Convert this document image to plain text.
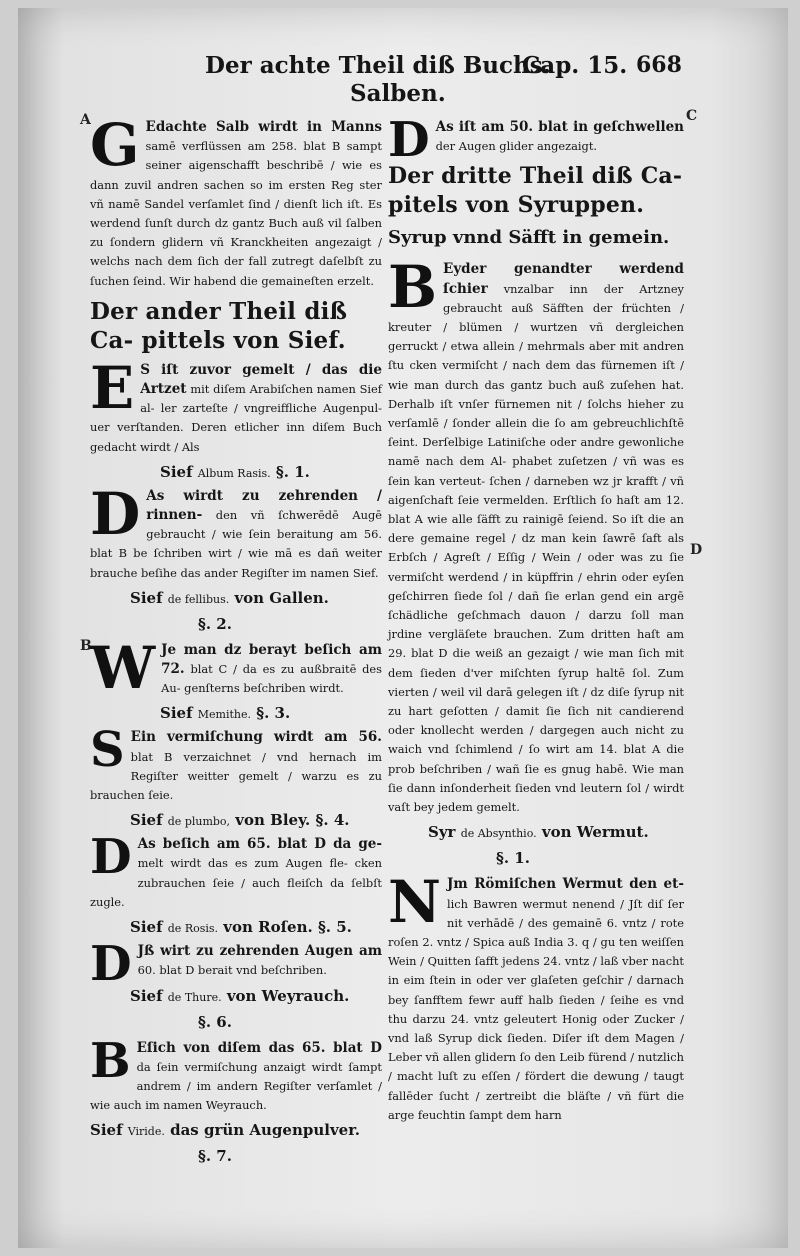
Der achte Theil diß Buchs.
Cap. 15. 668
Salben.
A
B
C
D

G Edachte Salb wirdt in Manns samē verflüssen am 258. blat B sampt seiner aigenschafft beschribē / wie es dann zuvil andren sachen so im ersten Reg ster vñ namē Sandel verſamlet ſind / dienſt lich iſt. Es werdend ſunſt durch dz gantz Buch auß vil ſalben zu ſondern glidern vñ Kranckheiten angezaigt / welchs nach dem ſich der fall zutregt daſelbſt zu ſuchen ſeind. Wir habend die gemaineſten erzelt.

Der ander Theil diß Ca- pittels von Sief.

E S iſt zuvor gemelt / das die Artzet mit diſem Arabiſchen namen Sief al- ler zarteſte / vngreiffliche Augenpul- uer verſtanden. Deren etlicher inn diſem Buch gedacht wirdt / Als

Sief Album Rasis. §. 1.

D As wirdt zu zehrenden / rinnen- den vñ ſchwerēdē Augē gebraucht / wie ſein beraitung am 56. blat B be ſchriben wirt / wie mā es dañ weiter brauche beſihe das ander Regiſter im namen Sief.

Sief de fellibus. von Gallen.
§. 2.

W Je man dz berayt beſich am 72. blat C / da es zu außbraitē des Au- genſterns beſchriben wirdt.

Sief Memithe. §. 3.

S Ein vermiſchung wirdt am 56. blat B verzaichnet / vnd hernach im Regiſter weitter gemelt / warzu es zu brauchen ſeie.

Sief de plumbo, von Bley. §. 4.

D As beſich am 65. blat D da ge- melt wirdt das es zum Augen fle- cken zubrauchen ſeie / auch fleiſch da ſelbſt zugle.

Sief de Rosis. von Roſen. §. 5.

D Jß wirt zu zehrenden Augen am 60. blat D berait vnd beſchriben.

Sief de Thure. von Weyrauch.
§. 6.

B Eſich von diſem das 65. blat D da ſein vermiſchung anzaigt wirdt ſampt andrem / im andern Regiſter verſamlet / wie auch im namen Weyrauch.

Sief Viride. das grün Augenpulver.
§. 7.

D As iſt am 50. blat in geſchwellen der Augen glider angezaigt.

Der dritte Theil diß Ca- pitels von Syruppen.
Syrup vnnd Säfft in gemein.

B Eyder genandter werdend ſchier vnzalbar inn der Artzney gebraucht auß Säfften der früchten / kreuter / blümen / wurtzen vñ dergleichen gerruckt / etwa allein / mehrmals aber mit andren ſtu cken vermiſcht / nach dem das fürnemen iſt / wie man durch das gantz buch auß zuſehen hat. Derhalb iſt vnſer fürnemen nit / ſolchs hieher zu verſamlē / ſonder allein die ſo am gebreuchlichſtē ſeint. Derſelbige Latiniſche oder andre gewonliche namē nach dem Al- phabet zuſetzen / vñ was es ſein kan verteut- ſchen / darneben wz jr krafft / vñ aigenſchaft ſeie vermelden. Erſtlich ſo haſt am 12. blat A wie alle ſäfft zu rainigē ſeiend. So iſt die an dere gemaine regel / dz man kein ſawrē ſaft als Erbſch / Agreſt / Eſſig / Wein / oder was zu ſie vermiſcht werdend / in küpffrin / ehrin oder eyſen geſchirren ſiede ſol / dañ ſie erlan gend ein argē ſchädliche geſchmach dauon / darzu ſoll man jrdine vergläſete brauchen. Zum dritten haſt am 29. blat D die weiß an gezaigt / wie man ſich mit dem ſieden d'ver miſchten ſyrup haltē ſol. Zum vierten / weil vil darā gelegen iſt / dz diſe ſyrup nit zu hart geſotten / damit ſie ſich nit candierend oder knollecht werden / dargegen auch nicht zu waich vnd ſchimlend / ſo wirt am 14. blat A die prob beſchriben / wañ ſie es gnug habē. Wie man ſie dann inſonderheit ſieden vnd leutern ſol / wirdt vaſt bey jedem gemelt.

Syr de Absynthio. von Wermut.
§. 1.

N Jm Römiſchen Wermut den et- lich Bawren wermut nenend / Jſt diſ ſer nit verhādē / des gemainē 6. vntz / rote roſen 2. vntz / Spica auß India 3. q / gu ten weiſſen Wein / Quitten ſafft jedens 24. vntz / laß vber nacht in eim ſtein in oder ver glaſeten geſchir / darnach bey ſanfftem fewr auff halb ſieden / ſeihe es vnd thu darzu 24. vntz geleutert Honig oder Zucker / vnd laß Syrup dick ſieden. Diſer iſt dem Magen / Leber vñ allen glidern ſo den Leib fürend / nutzlich / macht luſt zu eſſen / fördert die dewung / taugt fallēder ſucht / zertreibt die bläſte / vñ fürt die arge feuchtin ſampt dem harn
